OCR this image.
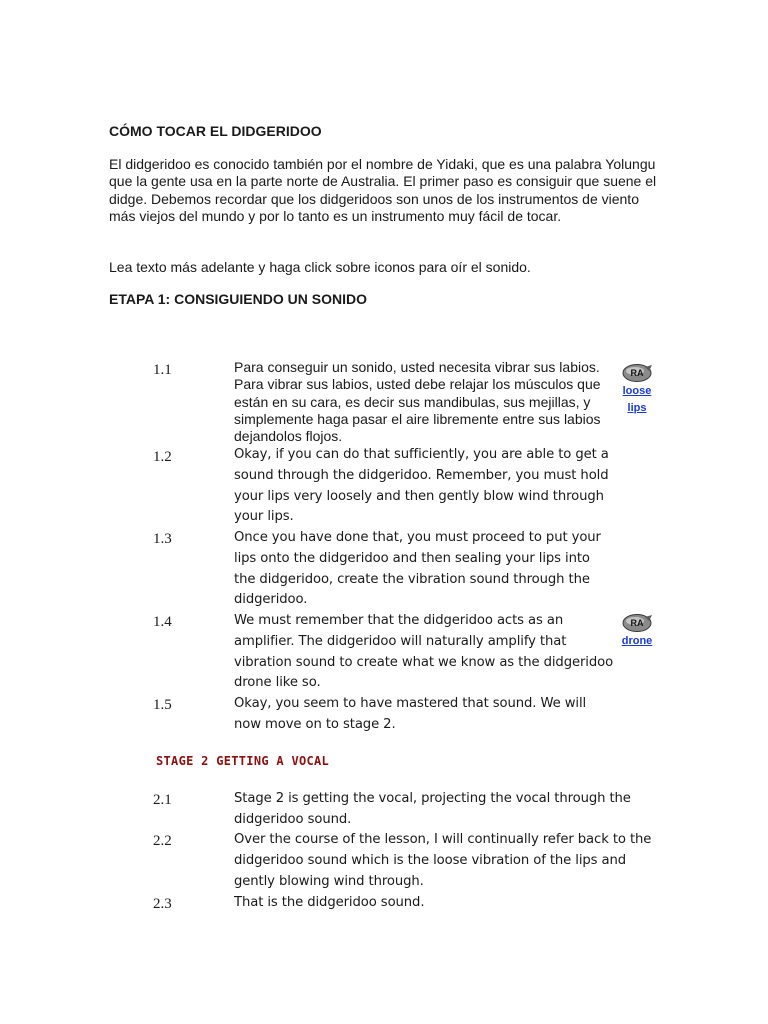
CÓMO TOCAR EL DIDGERIDOO

El didgeridoo es conocido también por el nombre de Yidaki, que es una palabra Yolungu que la gente usa en la parte norte de Australia. El primer paso es consiguir que suene el didge. Debemos recordar que los didgeridoos son unos de los instrumentos de viento más viejos del mundo y por lo tanto es un instrumento muy fácil de tocar.

Lea texto más adelante y haga click sobre iconos para oír el sonido.

ETAPA 1: CONSIGUIENDO UN SONIDO
1.1	Para conseguir un sonido, usted necesita vibrar sus labios. Para vibrar sus labios, usted debe relajar los músculos que están en su cara, es decir sus mandibulas, sus mejillas, y simplemente haga pasar el aire libremente entre sus labios dejandolos flojos.

1.2	Okay, if you can do that sufficiently, you are able to get a sound through the didgeridoo. Remember, you must hold your lips very loosely and then gently blow wind through your lips.

1.3	Once you have done that, you must proceed to put your lips onto the didgeridoo and then sealing your lips into the didgeridoo, create the vibration sound through the didgeridoo.

1.4	We must remember that the didgeridoo acts as an amplifier. The didgeridoo will naturally amplify that vibration sound to create what we know as the didgeridoo drone like so.

1.5	Okay, you seem to have mastered that sound. We will now move on to stage 2.

STAGE 2 GETTING A VOCAL
2.1	Stage 2 is getting the vocal, projecting the vocal through the didgeridoo sound.

2.2	Over the course of the lesson, I will continually refer back to the didgeridoo sound which is the loose vibration of the lips and gently blowing wind through.

2.3	That is the didgeridoo sound.

RA
loose
lips
RA
drone
